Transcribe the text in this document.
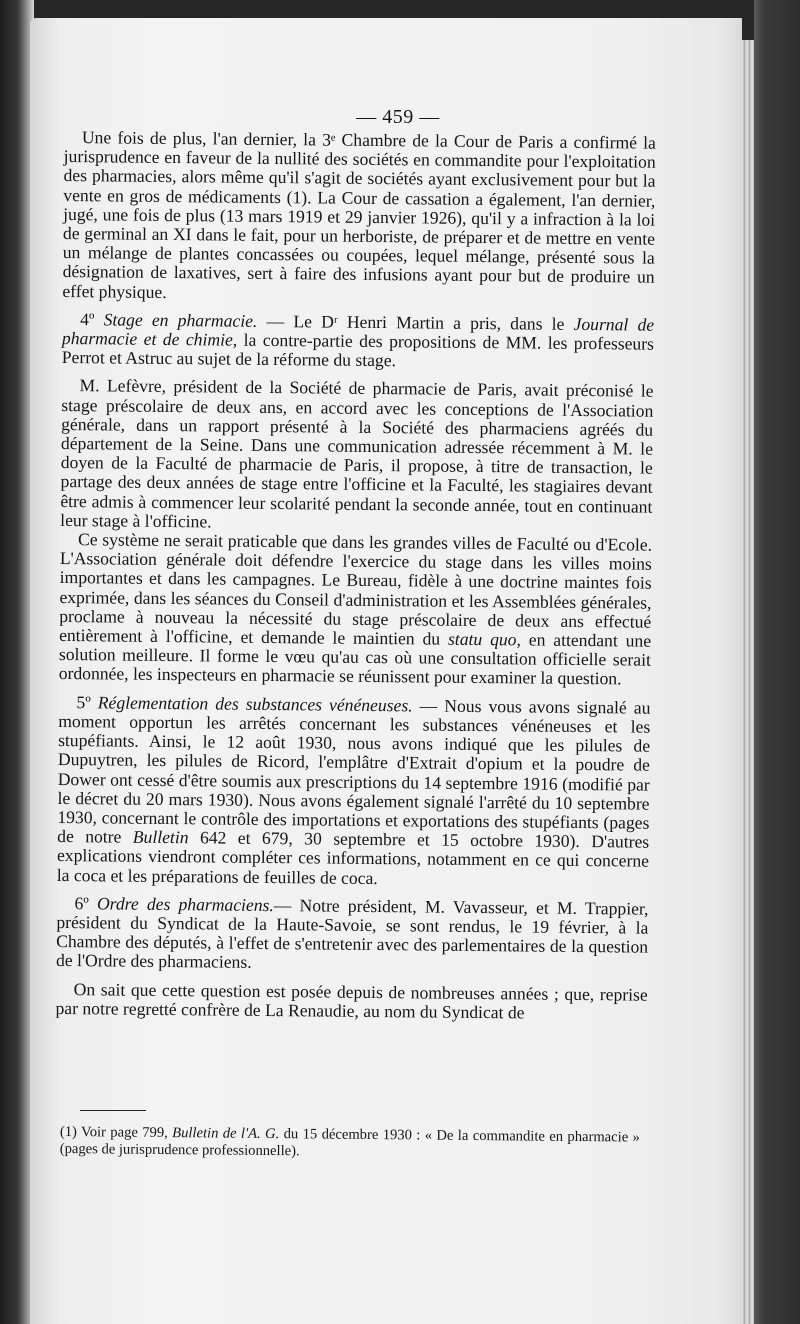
— 459 —

Une fois de plus, l'an dernier, la 3ᵉ Chambre de la Cour de Paris a confirmé la jurisprudence en faveur de la nullité des sociétés en commandite pour l'exploitation des pharmacies, alors même qu'il s'agit de sociétés ayant exclusivement pour but la vente en gros de médicaments (1). La Cour de cassation a également, l'an dernier, jugé, une fois de plus (13 mars 1919 et 29 janvier 1926), qu'il y a infraction à la loi de germinal an XI dans le fait, pour un herboriste, de préparer et de mettre en vente un mélange de plantes concassées ou coupées, lequel mélange, présenté sous la désignation de laxatives, sert à faire des infusions ayant pour but de produire un effet physique.

4º Stage en pharmacie. — Le Dʳ Henri Martin a pris, dans le Journal de pharmacie et de chimie, la contre-partie des propositions de MM. les professeurs Perrot et Astruc au sujet de la réforme du stage.

M. Lefèvre, président de la Société de pharmacie de Paris, avait préconisé le stage préscolaire de deux ans, en accord avec les conceptions de l'Association générale, dans un rapport présenté à la Société des pharmaciens agréés du département de la Seine. Dans une communication adressée récemment à M. le doyen de la Faculté de pharmacie de Paris, il propose, à titre de transaction, le partage des deux années de stage entre l'officine et la Faculté, les stagiaires devant être admis à commencer leur scolarité pendant la seconde année, tout en continuant leur stage à l'officine.

Ce système ne serait praticable que dans les grandes villes de Faculté ou d'Ecole. L'Association générale doit défendre l'exercice du stage dans les villes moins importantes et dans les campagnes. Le Bureau, fidèle à une doctrine maintes fois exprimée, dans les séances du Conseil d'administration et les Assemblées générales, proclame à nouveau la nécessité du stage préscolaire de deux ans effectué entièrement à l'officine, et demande le maintien du statu quo, en attendant une solution meilleure. Il forme le vœu qu'au cas où une consultation officielle serait ordonnée, les inspecteurs en pharmacie se réunissent pour examiner la question.

5º Réglementation des substances vénéneuses. — Nous vous avons signalé au moment opportun les arrêtés concernant les substances vénéneuses et les stupéfiants. Ainsi, le 12 août 1930, nous avons indiqué que les pilules de Dupuytren, les pilules de Ricord, l'emplâtre d'Extrait d'opium et la poudre de Dower ont cessé d'être soumis aux prescriptions du 14 septembre 1916 (modifié par le décret du 20 mars 1930). Nous avons également signalé l'arrêté du 10 septembre 1930, concernant le contrôle des importations et exportations des stupéfiants (pages de notre Bulletin 642 et 679, 30 septembre et 15 octobre 1930). D'autres explications viendront compléter ces informations, notamment en ce qui concerne la coca et les préparations de feuilles de coca.

6º Ordre des pharmaciens.— Notre président, M. Vavasseur, et M. Trappier, président du Syndicat de la Haute-Savoie, se sont rendus, le 19 février, à la Chambre des députés, à l'effet de s'entretenir avec des parlementaires de la question de l'Ordre des pharmaciens.

On sait que cette question est posée depuis de nombreuses années ; que, reprise par notre regretté confrère de La Renaudie, au nom du Syndicat de

(1) Voir page 799, Bulletin de l'A. G. du 15 décembre 1930 : « De la commandite en pharmacie » (pages de jurisprudence professionnelle).
